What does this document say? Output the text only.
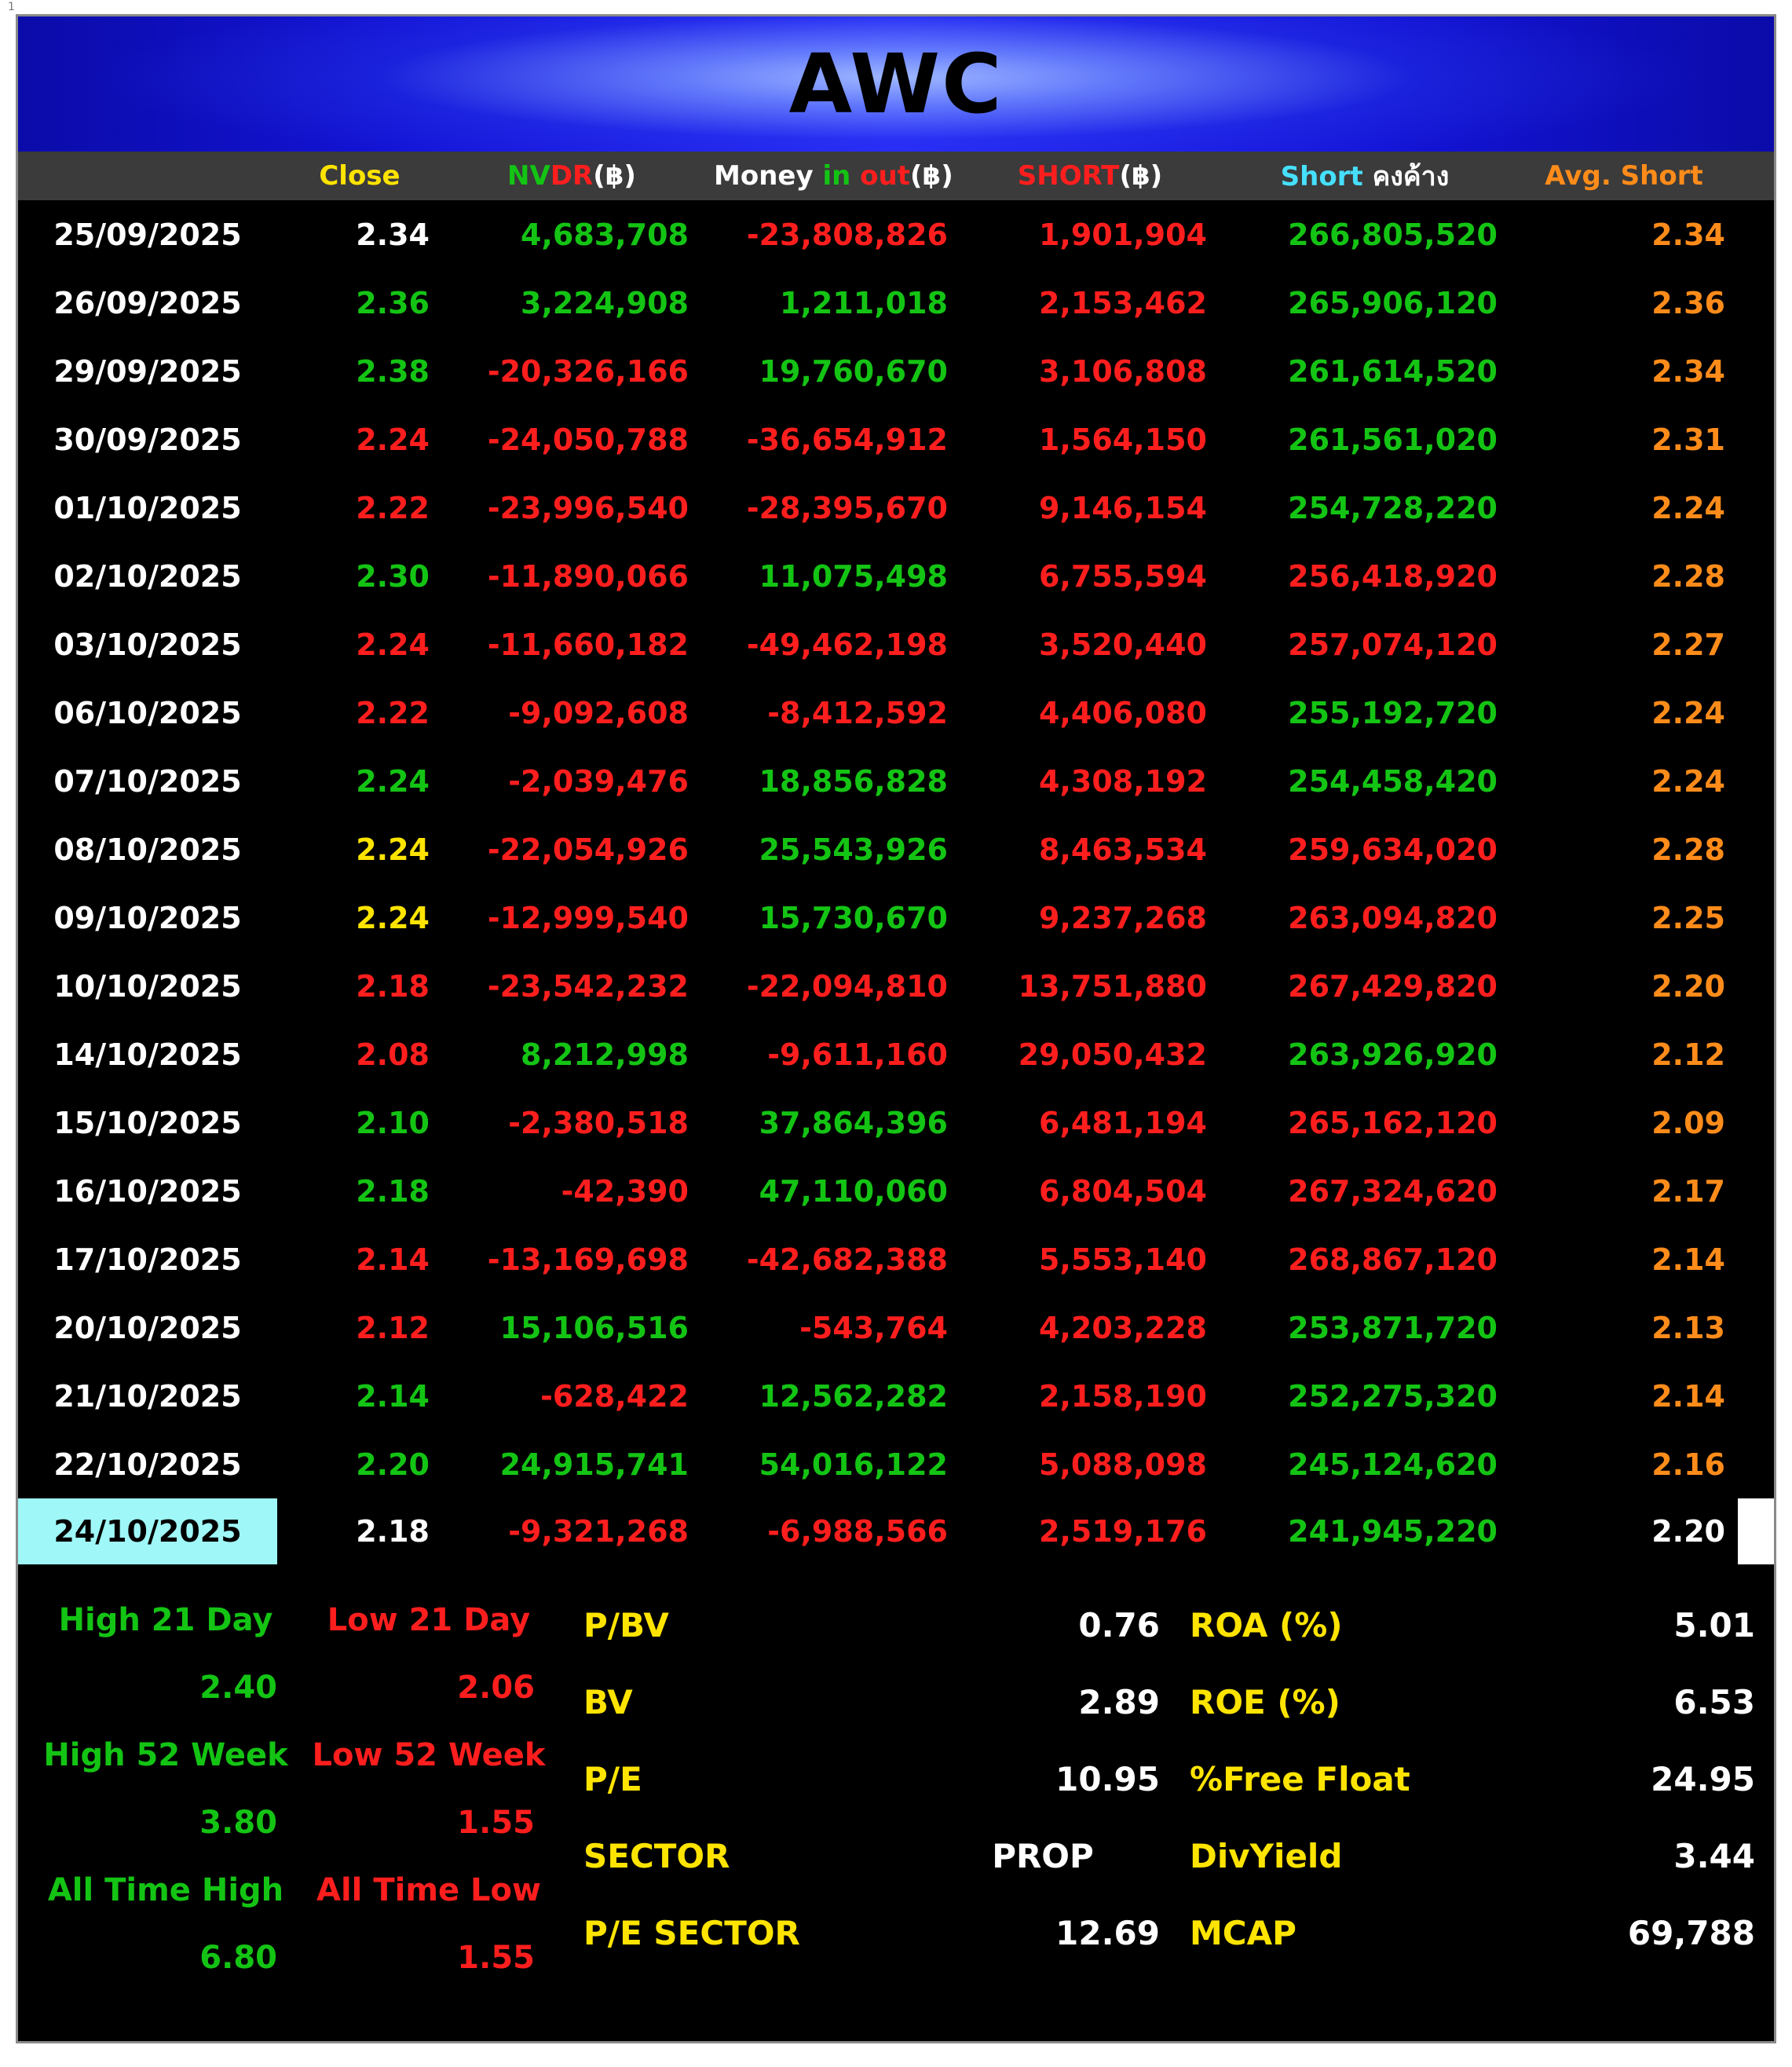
1
AWC
Close	NVDR(฿)	Money in out(฿)	SHORT(฿)	Short คงค้าง	Avg. Short
25/09/2025	2.34	4,683,708	-23,808,826	1,901,904	266,805,520	2.34
26/09/2025	2.36	3,224,908	1,211,018	2,153,462	265,906,120	2.36
29/09/2025	2.38	-20,326,166	19,760,670	3,106,808	261,614,520	2.34
30/09/2025	2.24	-24,050,788	-36,654,912	1,564,150	261,561,020	2.31
01/10/2025	2.22	-23,996,540	-28,395,670	9,146,154	254,728,220	2.24
02/10/2025	2.30	-11,890,066	11,075,498	6,755,594	256,418,920	2.28
03/10/2025	2.24	-11,660,182	-49,462,198	3,520,440	257,074,120	2.27
06/10/2025	2.22	-9,092,608	-8,412,592	4,406,080	255,192,720	2.24
07/10/2025	2.24	-2,039,476	18,856,828	4,308,192	254,458,420	2.24
08/10/2025	2.24	-22,054,926	25,543,926	8,463,534	259,634,020	2.28
09/10/2025	2.24	-12,999,540	15,730,670	9,237,268	263,094,820	2.25
10/10/2025	2.18	-23,542,232	-22,094,810	13,751,880	267,429,820	2.20
14/10/2025	2.08	8,212,998	-9,611,160	29,050,432	263,926,920	2.12
15/10/2025	2.10	-2,380,518	37,864,396	6,481,194	265,162,120	2.09
16/10/2025	2.18	-42,390	47,110,060	6,804,504	267,324,620	2.17
17/10/2025	2.14	-13,169,698	-42,682,388	5,553,140	268,867,120	2.14
20/10/2025	2.12	15,106,516	-543,764	4,203,228	253,871,720	2.13
21/10/2025	2.14	-628,422	12,562,282	2,158,190	252,275,320	2.14
22/10/2025	2.20	24,915,741	54,016,122	5,088,098	245,124,620	2.16
24/10/2025	2.18	-9,321,268	-6,988,566	2,519,176	241,945,220	2.20
High 21 Day	Low 21 Day
2.40	2.06
High 52 Week Low 52 Week
3.80	1.55
All Time High	All Time Low
6.80	1.55
P/BV	0.76 ROA (%)	5.01
BV	2.89 ROE (%)	6.53
P/E	10.95 %Free Float	24.95
SECTOR	PROP	DivYield	3.44
P/E SECTOR	12.69 MCAP	69,788
